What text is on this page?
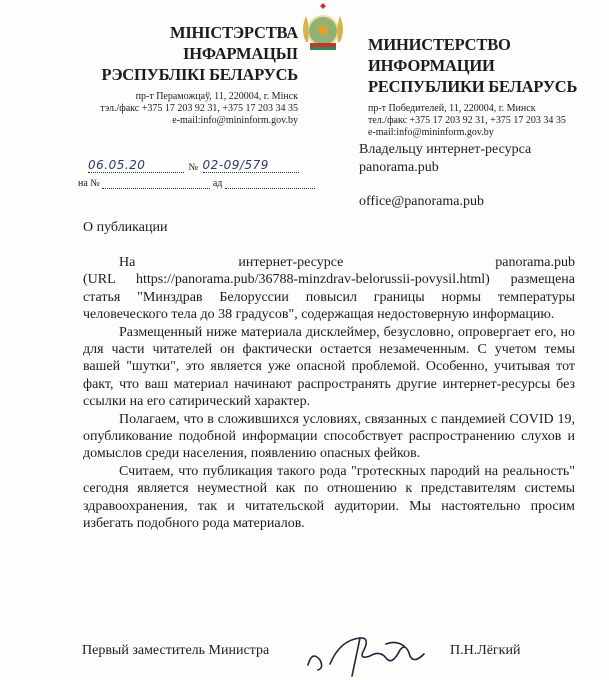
МІНІСТЭРСТВА ІНФАРМАЦЫІ
РЭСПУБЛІКІ БЕЛАРУСЬ
пр-т Пераможцаў, 11, 220004, г. Мінск
тэл./факс +375 17 203 92 31, +375 17 203 34 35
e-mail:info@mininform.gov.by
МИНИСТЕРСТВО ИНФОРМАЦИИ
РЕСПУБЛИКИ БЕЛАРУСЬ
пр-т Победителей, 11, 220004, г. Минск
тел./факс +375 17 203 92 31, +375 17 203 34 35
e-mail:info@mininform.gov.by
06.05.20	№ 02-09/579
на №	ад
Владельцу интернет-ресурса
panorama.pub
office@panorama.pub
О публикации

На	интернет-ресурсе	panorama.pub

(URL https://panorama.pub/36788-minzdrav-belorussii-povysil.html) размещена статья "Минздрав Белоруссии повысил границы нормы температуры человеческого тела до 38 градусов", содержащая недостоверную информацию.

Размещенный ниже материала дисклеймер, безусловно, опровергает его, но для части читателей он фактически остается незамеченным. С учетом темы вашей "шутки", это является уже опасной проблемой. Особенно, учитывая тот факт, что ваш материал начинают распространять другие интернет-ресурсы без ссылки на его сатирический характер.

Полагаем, что в сложившихся условиях, связанных с пандемией COVID 19, опубликование подобной информации способствует распространению слухов и домыслов среди населения, появлению опасных фейков.

Считаем, что публикация такого рода "гротескных пародий на реальность" сегодня является неуместной как по отношению к представителям системы здравоохранения, так и читательской аудитории. Мы настоятельно просим избегать подобного рода материалов.

Первый заместитель Министра	П.Н.Лёгкий
